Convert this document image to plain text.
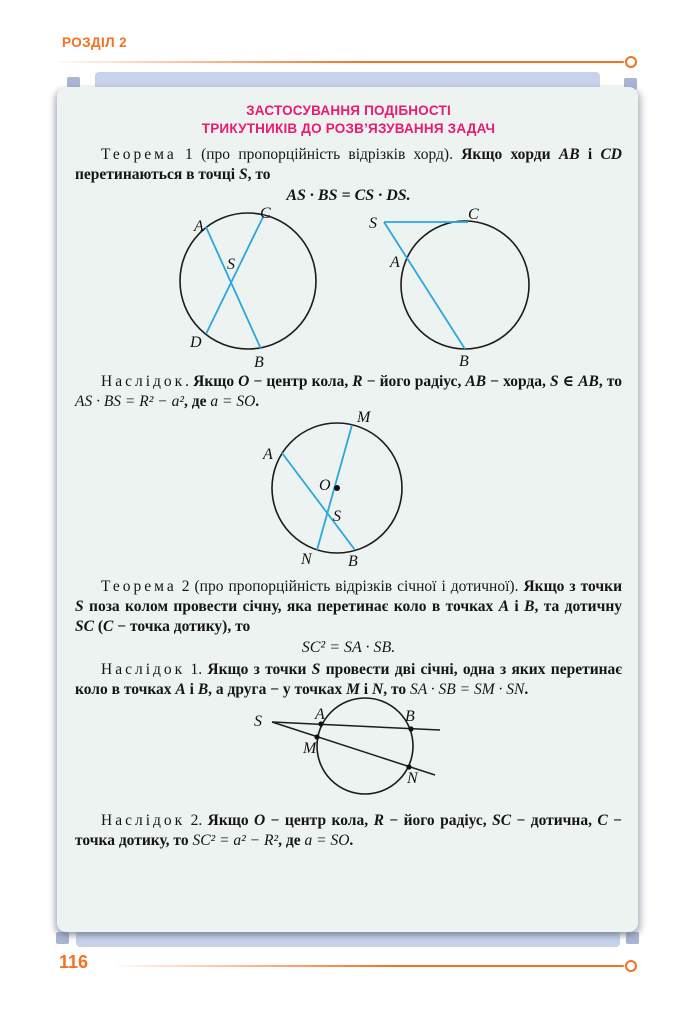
РОЗДІЛ 2
ЗАСТОСУВАННЯ ПОДІБНОСТІ
ТРИКУТНИКІВ ДО РОЗВ’ЯЗУВАННЯ ЗАДАЧ

Теорема 1 (про пропорційність відрізків хорд). Якщо хорди AB і CD перетинаються в точці S, то

AS · BS = CS · DS.

A
C
S
D
B
S
C
A
B

Наслідок. Якщо O − центр кола, R − його радіус, AB − хорда, S ∈ AB, то AS · BS = R² − a², де a = SO.

M
A
O
S
N B

Теорема 2 (про пропорційність відрізків січної і дотичної). Якщо з точки S поза колом провести січну, яка перетинає коло в точках A і B, та дотичну SC (C − точка дотику), то

SC² = SA · SB.

Наслідок 1. Якщо з точки S провести дві січні, одна з яких перетинає коло в точках A і B, а друга − у точках M і N, то SA · SB = SM · SN.

S	A	B
M
N

Наслідок 2. Якщо O − центр кола, R − його радіус, SC − дотична, C − точка дотику, то SC² = a² − R², де a = SO.

116
